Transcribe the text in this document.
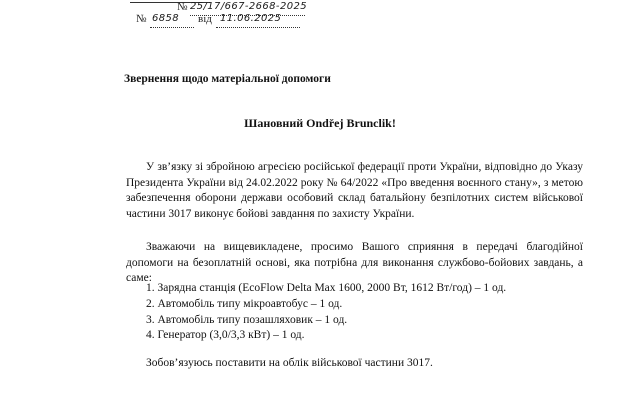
№ 25/17/667-2668-2025
№ 6858 від 11.06.2025
Звернення щодо матеріальної допомоги
Шановний Ondřej Brunclik!
У зв’язку зі збройною агресією російської федерації проти України, відповідно до Указу Президента України від 24.02.2022 року № 64/2022 «Про введення воєнного стану», з метою забезпечення оборони держави особовий склад батальйону безпілотних систем військової частини 3017 виконує бойові завдання по захисту України.
Зважаючи на вищевикладене, просимо Вашого сприяння в передачі благодійної допомоги на безоплатній основі, яка потрібна для виконання службово-бойових завдань, а саме:
1. Зарядна станція (EcoFlow Delta Max 1600, 2000 Вт, 1612 Вт/год) – 1 од.
2. Автомобіль типу мікроавтобус – 1 од.
3. Автомобіль типу позашляховик – 1 од.
4. Генератор (3,0/3,3 кВт) – 1 од.
Зобов’язуюсь поставити на облік військової частини 3017.
